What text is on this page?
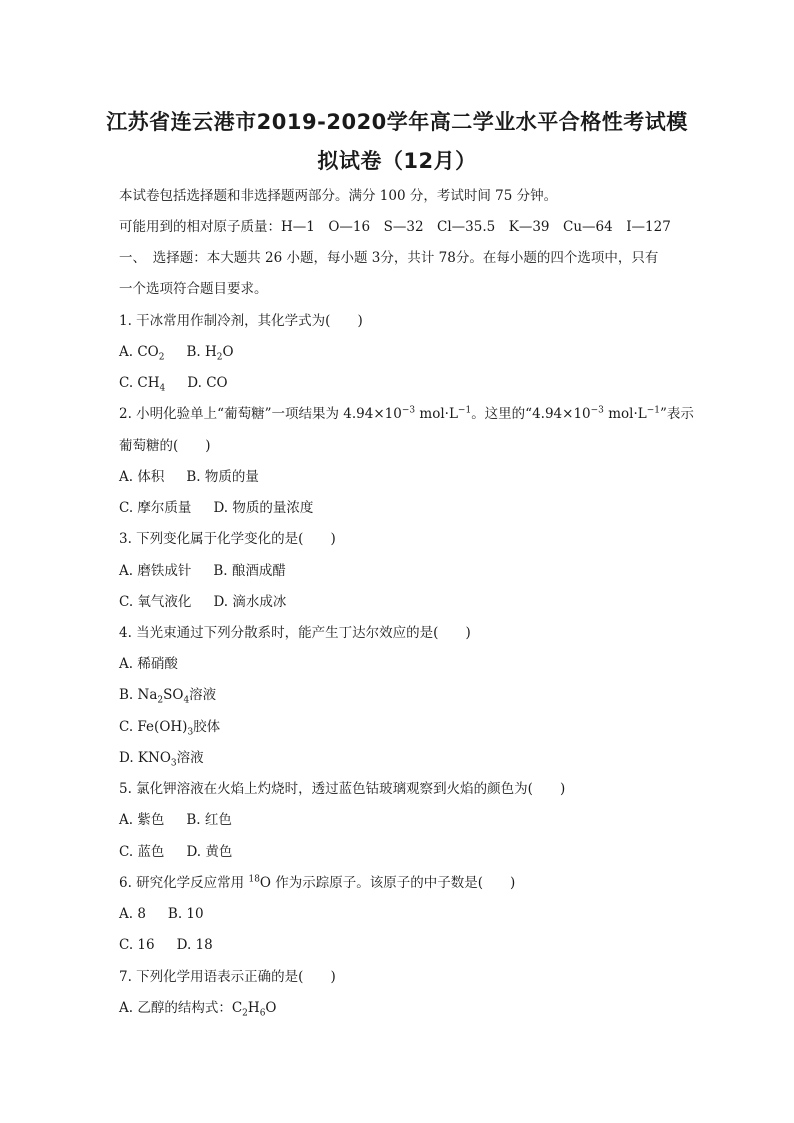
江苏省连云港市2019-2020学年高二学业水平合格性考试模
拟试卷（12月）
本试卷包括选择题和非选择题两部分。满分 100 分，考试时间 75 分钟。
可能用到的相对原子质量：H—1　O—16　S—32　Cl—35.5　K—39　Cu—64　I—127
一、　选择题：本大题共 26 小题，每小题 3分，共计 78分。在每小题的四个选项中，只有
一个选项符合题目要求。
1. 干冰常用作制冷剂，其化学式为(　　)
A. $CO_2$ B. $H_2O$
C. $CH_4$ D. CO
2. 小明化验单上“葡萄糖”一项结果为 $4.94\times 10^{-3}$ $mol\cdot L^{-1}$。这里的“$4.94\times 10^{-3}$ $mol\cdot L^{-1}$”表示
葡萄糖的(　　)
A. 体积 B. 物质的量
C. 摩尔质量 D. 物质的量浓度
3. 下列变化属于化学变化的是(　　)
A. 磨铁成针 B. 酿酒成醋
C. 氧气液化 D. 滴水成冰
4. 当光束通过下列分散系时，能产生丁达尔效应的是(　　)
A. 稀硝酸
B. $Na_2SO_4$溶液
C. $Fe(OH)_3$胶体
D. $KNO_3$溶液
5. 氯化钾溶液在火焰上灼烧时，透过蓝色钴玻璃观察到火焰的颜色为(　　)
A. 紫色 B. 红色
C. 蓝色 D. 黄色
6. 研究化学反应常用 $^{18}$O 作为示踪原子。该原子的中子数是(　　)
A. 8 B. 10
C. 16 D. 18
7. 下列化学用语表示正确的是(　　)
A. 乙醇的结构式：$C_2H_6O$
